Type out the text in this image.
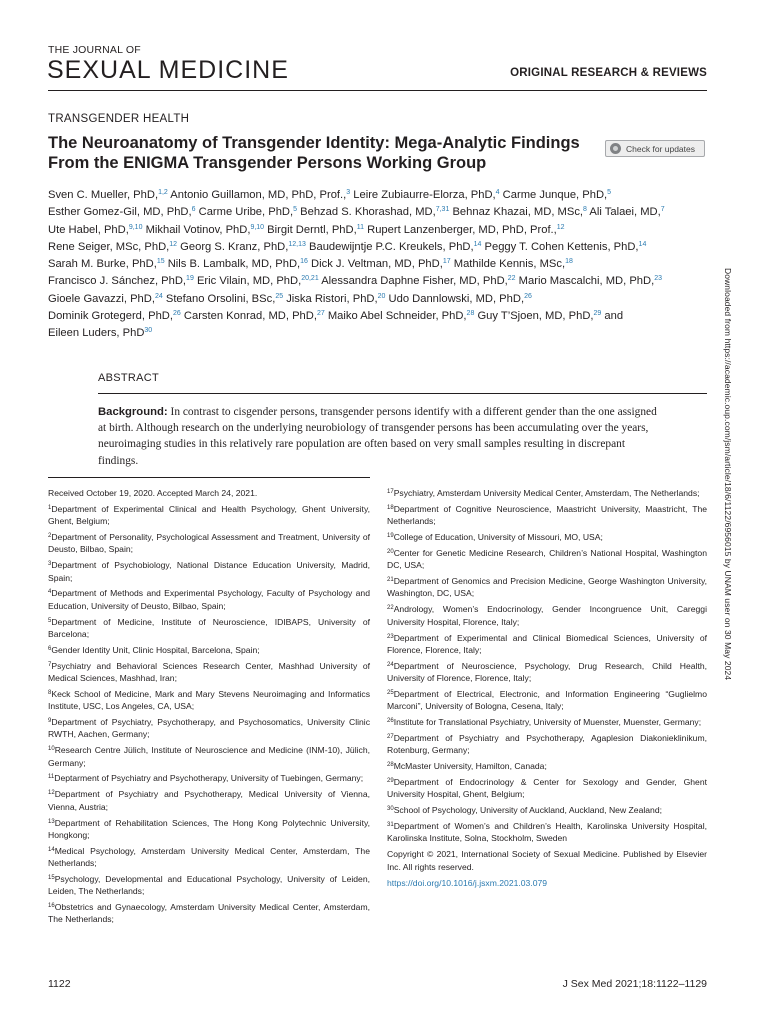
THE JOURNAL OF
SEXUAL MEDICINE	ORIGINAL RESEARCH & REVIEWS
TRANSGENDER HEALTH
The Neuroanatomy of Transgender Identity: Mega-Analytic Findings
From the ENIGMA Transgender Persons Working Group
Check for updates
Sven C. Mueller, PhD,$^{1,2}$ Antonio Guillamon, MD, PhD, Prof.,$^3$ Leire Zubiaurre-Elorza, PhD,$^4$ Carme Junque, PhD,$^5$
Esther Gomez-Gil, MD, PhD,$^6$ Carme Uribe, PhD,$^5$ Behzad S. Khorashad, MD,$^{7,31}$ Behnaz Khazai, MD, MSc,$^8$ Ali Talaei, MD,$^7$
Ute Habel, PhD,$^{9,10}$ Mikhail Votinov, PhD,$^{9,10}$ Birgit Derntl, PhD,$^{11}$ Rupert Lanzenberger, MD, PhD, Prof.,$^{12}$
Rene Seiger, MSc, PhD,$^{12}$ Georg S. Kranz, PhD,$^{12,13}$ Baudewijntje P.C. Kreukels, PhD,$^{14}$ Peggy T. Cohen Kettenis, PhD,$^{14}$
Sarah M. Burke, PhD,$^{15}$ Nils B. Lambalk, MD, PhD,$^{16}$ Dick J. Veltman, MD, PhD,$^{17}$ Mathilde Kennis, MSc,$^{18}$
Francisco J. Sánchez, PhD,$^{19}$ Eric Vilain, MD, PhD,$^{20,21}$ Alessandra Daphne Fisher, MD, PhD,$^{22}$ Mario Mascalchi, MD, PhD,$^{23}$
Gioele Gavazzi, PhD,$^{24}$ Stefano Orsolini, BSc,$^{25}$ Jiska Ristori, PhD,$^{20}$ Udo Dannlowski, MD, PhD,$^{26}$
Dominik Grotegerd, PhD,$^{26}$ Carsten Konrad, MD, PhD,$^{27}$ Maiko Abel Schneider, PhD,$^{28}$ Guy T’Sjoen, MD, PhD,$^{29}$ and
Eileen Luders, PhD$^{30}$
ABSTRACT
Background: In contrast to cisgender persons, transgender persons identify with a different gender than the one assigned at birth. Although research on the underlying neurobiology of transgender persons has been accumulating over the years, neuroimaging studies in this relatively rare population are often based on very small samples resulting in discrepant findings.

Received October 19, 2020. Accepted March 24, 2021.

$^1$Department of Experimental Clinical and Health Psychology, Ghent University, Ghent, Belgium;

$^2$Department of Personality, Psychological Assessment and Treatment, University of Deusto, Bilbao, Spain;

$^3$Department of Psychobiology, National Distance Education University, Madrid, Spain;

$^4$Department of Methods and Experimental Psychology, Faculty of Psychology and Education, University of Deusto, Bilbao, Spain;

$^5$Department of Medicine, Institute of Neuroscience, IDIBAPS, University of Barcelona;

$^6$Gender Identity Unit, Clinic Hospital, Barcelona, Spain;

$^7$Psychiatry and Behavioral Sciences Research Center, Mashhad University of Medical Sciences, Mashhad, Iran;

$^8$Keck School of Medicine, Mark and Mary Stevens Neuroimaging and Informatics Institute, USC, Los Angeles, CA, USA;

$^9$Department of Psychiatry, Psychotherapy, and Psychosomatics, University Clinic RWTH, Aachen, Germany;

$^{10}$Research Centre Jülich, Institute of Neuroscience and Medicine (INM-10), Jülich, Germany;

$^{11}$Deptarment of Psychiatry and Psychotherapy, University of Tuebingen, Germany;

$^{12}$Department of Psychiatry and Psychotherapy, Medical University of Vienna, Vienna, Austria;

$^{13}$Department of Rehabilitation Sciences, The Hong Kong Polytechnic University, Hongkong;

$^{14}$Medical Psychology, Amsterdam University Medical Center, Amsterdam, The Netherlands;

$^{15}$Psychology, Developmental and Educational Psychology, University of Leiden, Leiden, The Netherlands;

$^{16}$Obstetrics and Gynaecology, Amsterdam University Medical Center, Amsterdam, The Netherlands;

$^{17}$Psychiatry, Amsterdam University Medical Center, Amsterdam, The Netherlands;

$^{18}$Department of Cognitive Neuroscience, Maastricht University, Maastricht, The Netherlands;

$^{19}$College of Education, University of Missouri, MO, USA;

$^{20}$Center for Genetic Medicine Research, Children’s National Hospital, Washington DC, USA;

$^{21}$Department of Genomics and Precision Medicine, George Washington University, Washington, DC, USA;

$^{22}$Andrology, Women’s Endocrinology, Gender Incongruence Unit, Careggi University Hospital, Florence, Italy;

$^{23}$Department of Experimental and Clinical Biomedical Sciences, University of Florence, Florence, Italy;

$^{24}$Department of Neuroscience, Psychology, Drug Research, Child Health, University of Florence, Florence, Italy;

$^{25}$Department of Electrical, Electronic, and Information Engineering “Guglielmo Marconi”, University of Bologna, Cesena, Italy;

$^{26}$Institute for Translational Psychiatry, University of Muenster, Muenster, Germany;

$^{27}$Department of Psychiatry and Psychotherapy, Agaplesion Diakonieklinikum, Rotenburg, Germany;

$^{28}$McMaster University, Hamilton, Canada;

$^{29}$Department of Endocrinology & Center for Sexology and Gender, Ghent University Hospital, Ghent, Belgium;

$^{30}$School of Psychology, University of Auckland, Auckland, New Zealand;

$^{31}$Department of Women’s and Children’s Health, Karolinska University Hospital, Karolinska Institute, Solna, Stockholm, Sweden

Copyright © 2021, International Society of Sexual Medicine. Published by Elsevier Inc. All rights reserved.

https://doi.org/10.1016/j.jsxm.2021.03.079

Downloaded from https://academic.oup.com/jsm/article/18/6/1122/6956015 by UNAM user on 30 May 2024
1122	J Sex Med 2021;18:1122–1129
